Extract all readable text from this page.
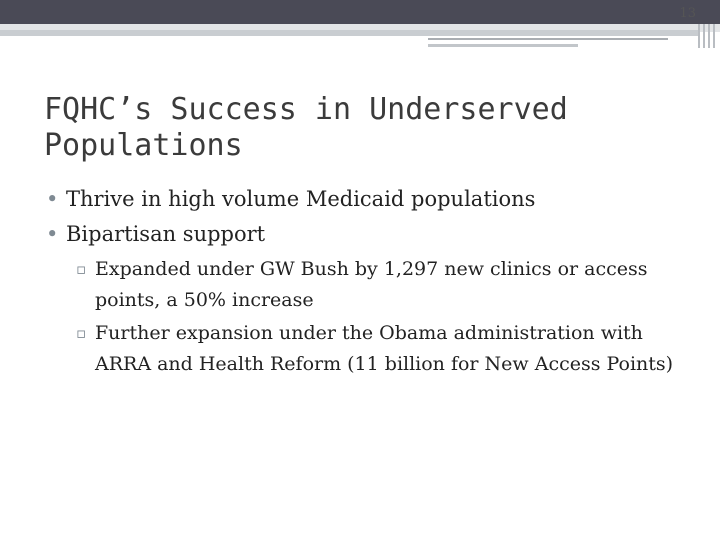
13
FQHC’s Success in Underserved Populations
• Thrive in high volume Medicaid populations
• Bipartisan support
▫ Expanded under GW Bush by 1,297 new clinics or access points, a 50% increase
▫ Further expansion under the Obama administration with ARRA and Health Reform (11 billion for New Access Points)
